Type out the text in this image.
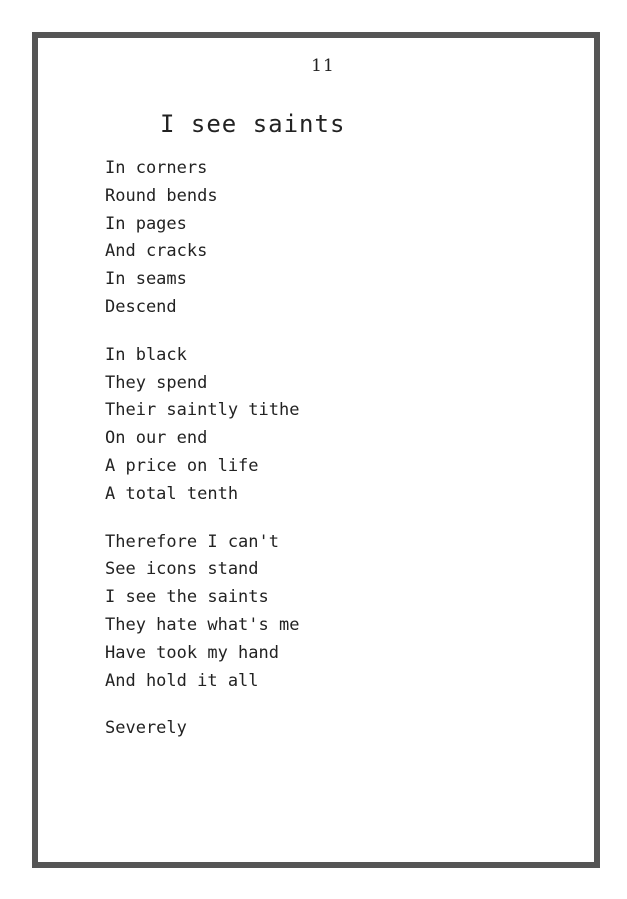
11
I see saints
In corners
Round bends
In pages
And cracks
In seams
Descend
In black
They spend
Their saintly tithe
On our end
A price on life
A total tenth
Therefore I can't
See icons stand
I see the saints
They hate what's me
Have took my hand
And hold it all
Severely
